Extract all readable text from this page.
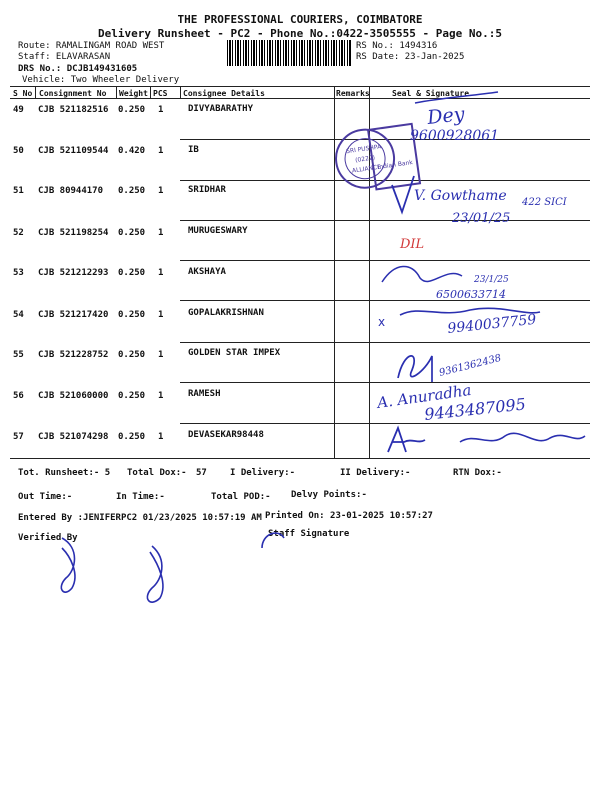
THE PROFESSIONAL COURIERS, COIMBATORE
Delivery Runsheet - PC2 - Phone No.:0422-3505555 - Page No.:5
Route: RAMALINGAM ROAD WEST
Staff: ELAVARASAN
DRS No.: DCJB149431605
Vehicle: Two Wheeler Delivery
RS No.: 1494316
RS Date: 23-Jan-2025
S No Consignment No Weight PCS Consignee Details	Remarks	Seal & Signature
49 CJB 521182516 0.250 1	DIVYABARATHY
50 CJB 521109544 0.420 1	IB
51 CJB 80944170 0.250 1	SRIDHAR
52 CJB 521198254 0.250 1	MURUGESWARY
53 CJB 521212293 0.250 1	AKSHAYA
54 CJB 521217420 0.250 1	GOPALAKRISHNAN
55 CJB 521228752 0.250 1	GOLDEN STAR IMPEX
56 CJB 521060000 0.250 1	RAMESH
57 CJB 521074298 0.250 1	DEVASEKAR98448
Tot. Runsheet:- 5 Total Dox:- 57	I Delivery:-	II Delivery:-	RTN Dox:-
Out Time:-	In Time:-	Total POD:- Delvy Points:-
Entered By :JENIFERPC2 01/23/2025 10:57:19 AM Printed On: 23-01-2025 10:57:27
Verified By	Staff Signature
SRI PUSHPA
(0222)
ALLIANCE
Indian Bank
Dey
9600928061
V. Gowthame 422 SICI
23/01/25
DIL
23/1/25
6500633714
x	9940037759
9361362438
A. Anuradha
9443487095
